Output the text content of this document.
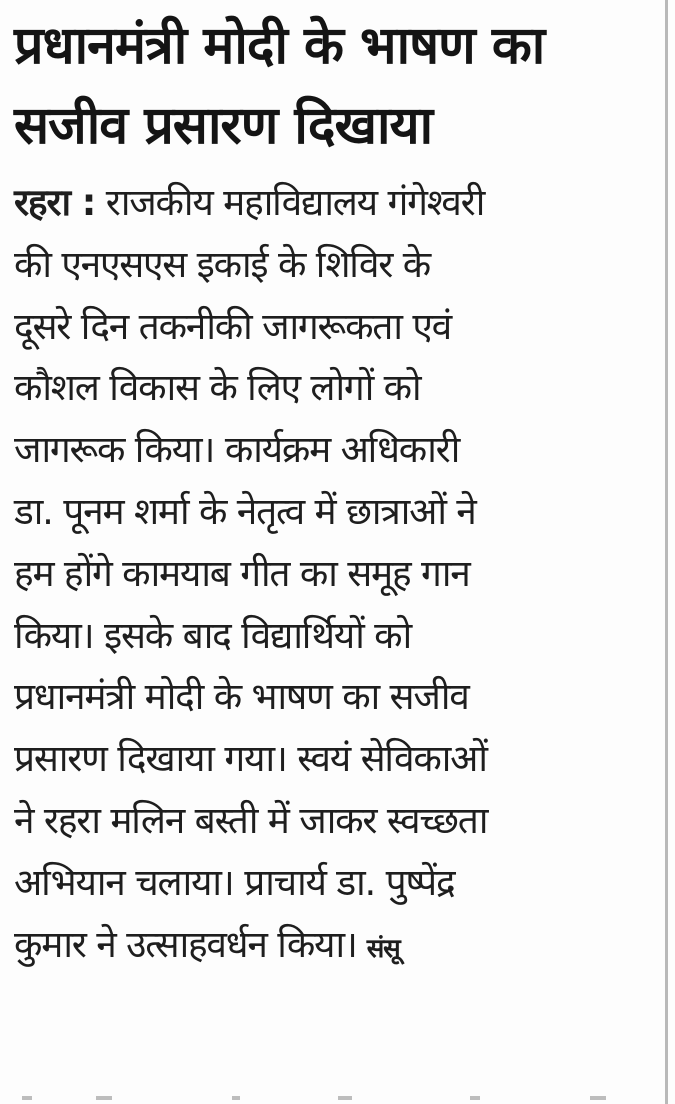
प्रधानमंत्री मोदी के भाषण का
सजीव प्रसारण दिखाया
रहरा : राजकीय महाविद्यालय गंगेश्वरी
की एनएसएस इकाई के शिविर के
दूसरे दिन तकनीकी जागरूकता एवं
कौशल विकास के लिए लोगों को
जागरूक किया। कार्यक्रम अधिकारी
डा. पूनम शर्मा के नेतृत्व में छात्राओं ने
हम होंगे कामयाब गीत का समूह गान
किया। इसके बाद विद्यार्थियों को
प्रधानमंत्री मोदी के भाषण का सजीव
प्रसारण दिखाया गया। स्वयं सेविकाओं
ने रहरा मलिन बस्ती में जाकर स्वच्छता
अभियान चलाया। प्राचार्य डा. पुष्पेंद्र
कुमार ने उत्साहवर्धन किया। संसू
